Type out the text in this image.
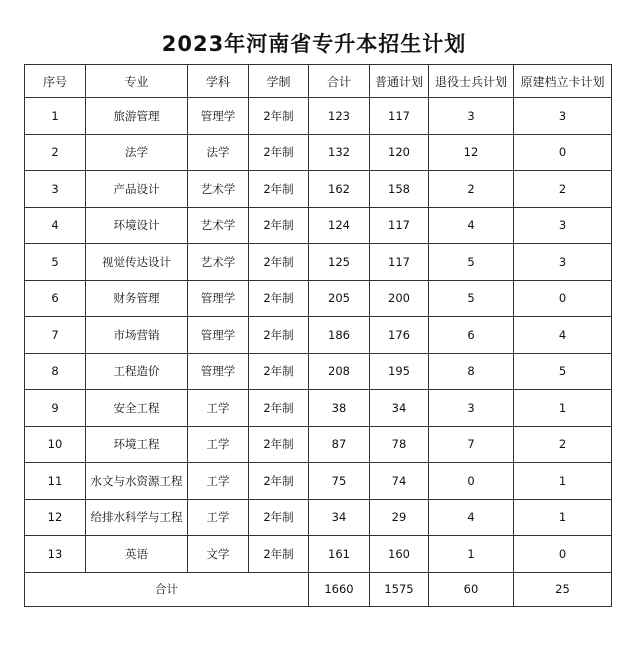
2023年河南省专升本招生计划
序号	专业	学科	学制	合计	普通计划	退役士兵计划	原建档立卡计划
1	旅游管理	管理学	2年制	123	117	3	3
2	法学	法学	2年制	132	120	12	0
3	产品设计	艺术学	2年制	162	158	2	2
4	环境设计	艺术学	2年制	124	117	4	3
5	视觉传达设计	艺术学	2年制	125	117	5	3
6	财务管理	管理学	2年制	205	200	5	0
7	市场营销	管理学	2年制	186	176	6	4
8	工程造价	管理学	2年制	208	195	8	5
9	安全工程	工学	2年制	38	34	3	1
10	环境工程	工学	2年制	87	78	7	2
11	水文与水资源工程	工学	2年制	75	74	0	1
12	给排水科学与工程	工学	2年制	34	29	4	1
13	英语	文学	2年制	161	160	1	0
合计				1660	1575	60	25
